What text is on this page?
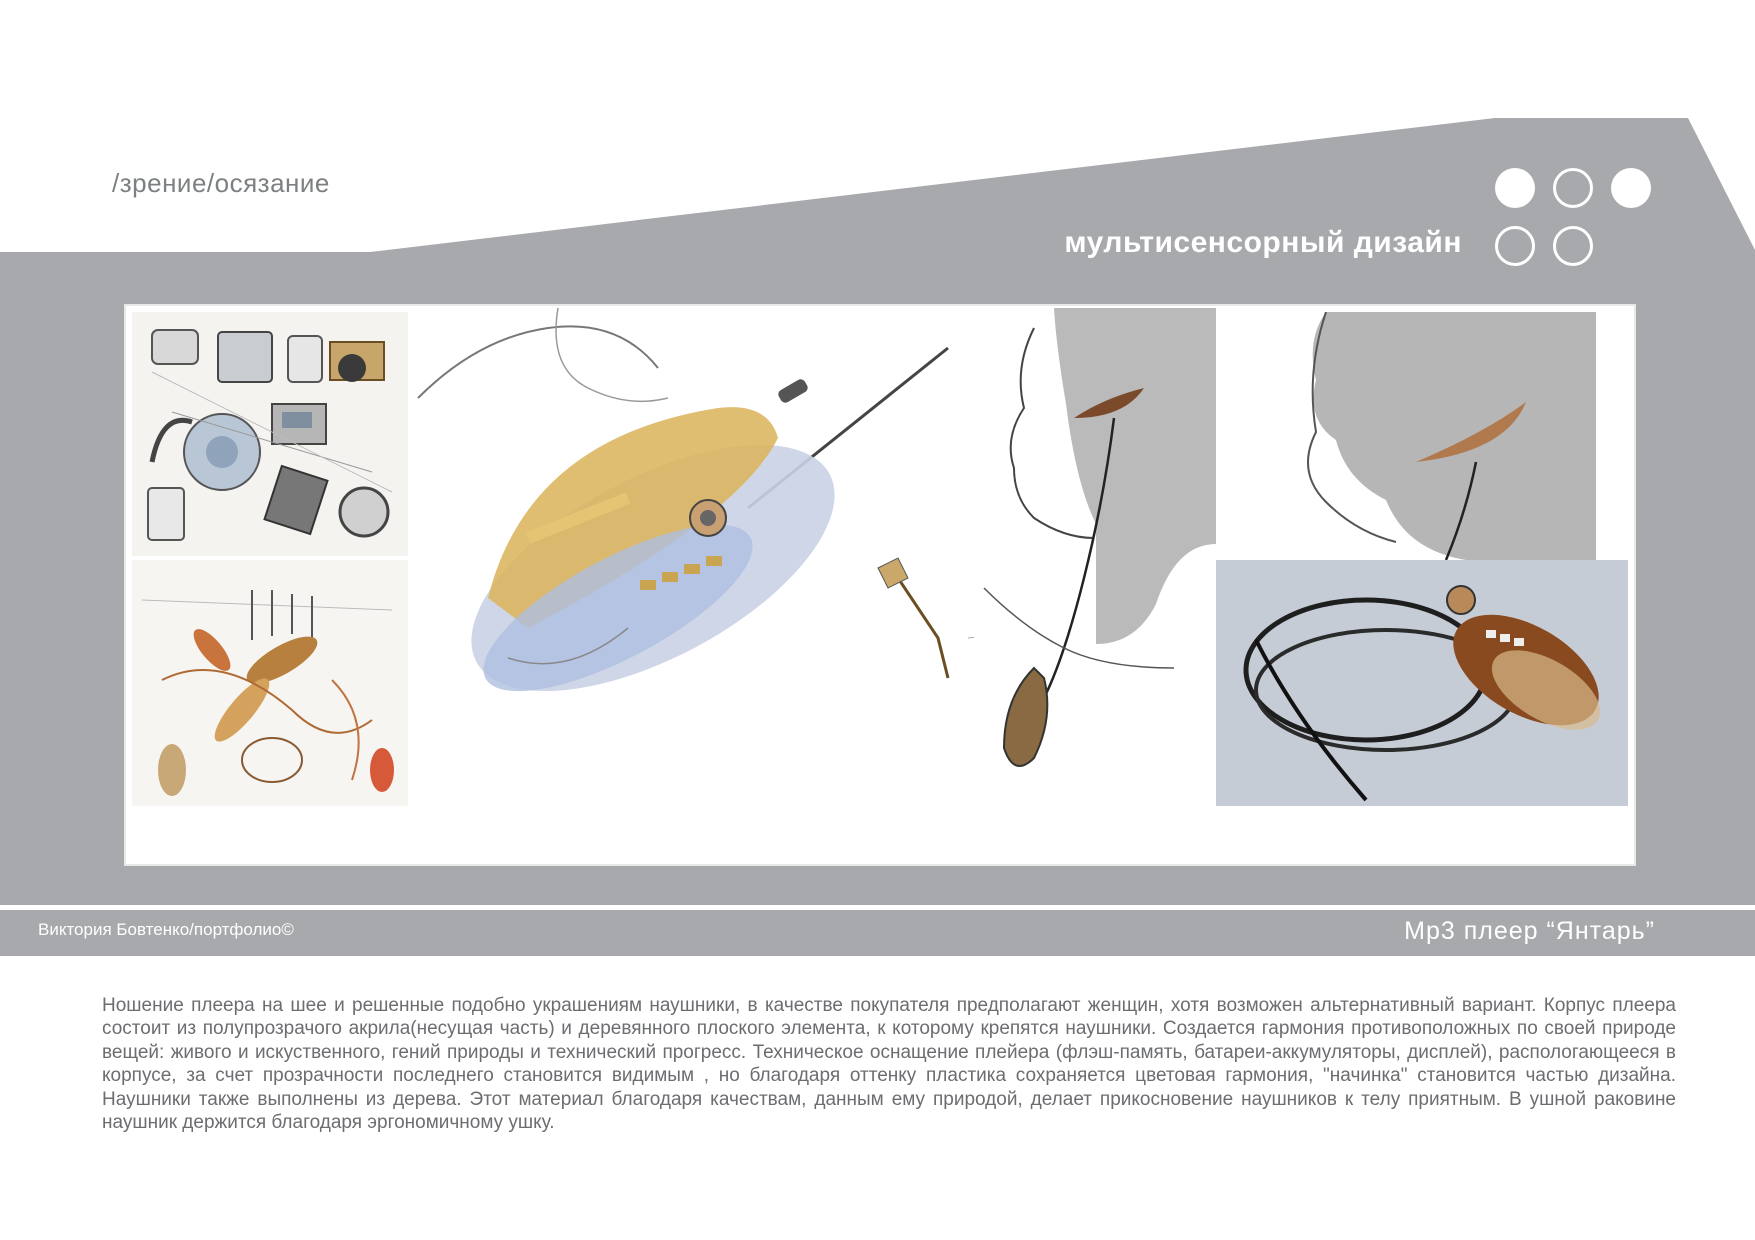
/зрение/осязание
мультисенсорный дизайн
Виктория Бовтенко/портфолио©	Mp3 плеер “Янтарь”
Ношение плеера на шее и решенные подобно украшениям наушники, в качестве покупателя предполагают женщин, хотя возможен альтернативный вариант. Корпус плеера состоит из полупрозрачого акрила(несущая часть) и деревянного плоского элемента, к которому крепятся наушники. Создается гармония противоположных по своей природе вещей: живого и искуственного, гений природы и технический прогресс. Техническое оснащение плейера (флэш-память, батареи-аккумуляторы, дисплей), распологающееся в корпусе, за счет прозрачности последнего становится видимым , но благодаря оттенку пластика сохраняется цветовая гармония, "начинка" становится частью дизайна. Наушники также выполнены из дерева. Этот материал благодаря качествам, данным ему природой, делает прикосновение наушников к телу приятным. В ушной раковине наушник держится благодаря эргономичному ушку.
